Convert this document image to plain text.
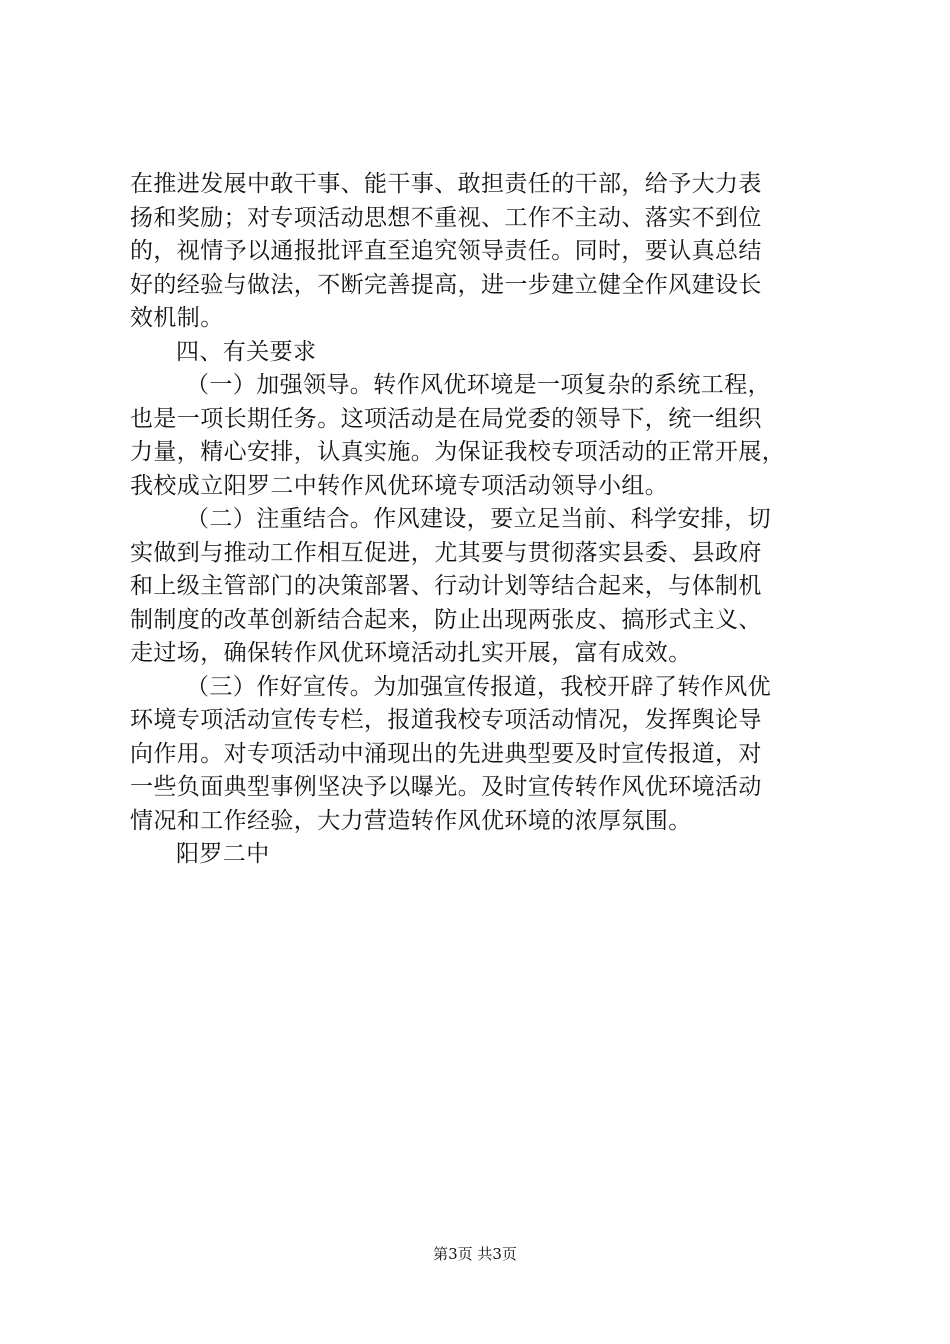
在推进发展中敢干事、能干事、敢担责任的干部，给予大力表
扬和奖励；对专项活动思想不重视、工作不主动、落实不到位
的，视情予以通报批评直至追究领导责任。同时，要认真总结
好的经验与做法，不断完善提高，进一步建立健全作风建设长
效机制。
四、有关要求
（一）加强领导。转作风优环境是一项复杂的系统工程，
也是一项长期任务。这项活动是在局党委的领导下，统一组织
力量，精心安排，认真实施。为保证我校专项活动的正常开展，
我校成立阳罗二中转作风优环境专项活动领导小组。
（二）注重结合。作风建设，要立足当前、科学安排，切
实做到与推动工作相互促进，尤其要与贯彻落实县委、县政府
和上级主管部门的决策部署、行动计划等结合起来，与体制机
制制度的改革创新结合起来，防止出现两张皮、搞形式主义、
走过场，确保转作风优环境活动扎实开展，富有成效。
（三）作好宣传。为加强宣传报道，我校开辟了转作风优
环境专项活动宣传专栏，报道我校专项活动情况，发挥舆论导
向作用。对专项活动中涌现出的先进典型要及时宣传报道，对
一些负面典型事例坚决予以曝光。及时宣传转作风优环境活动
情况和工作经验，大力营造转作风优环境的浓厚氛围。
阳罗二中
第3页 共3页
